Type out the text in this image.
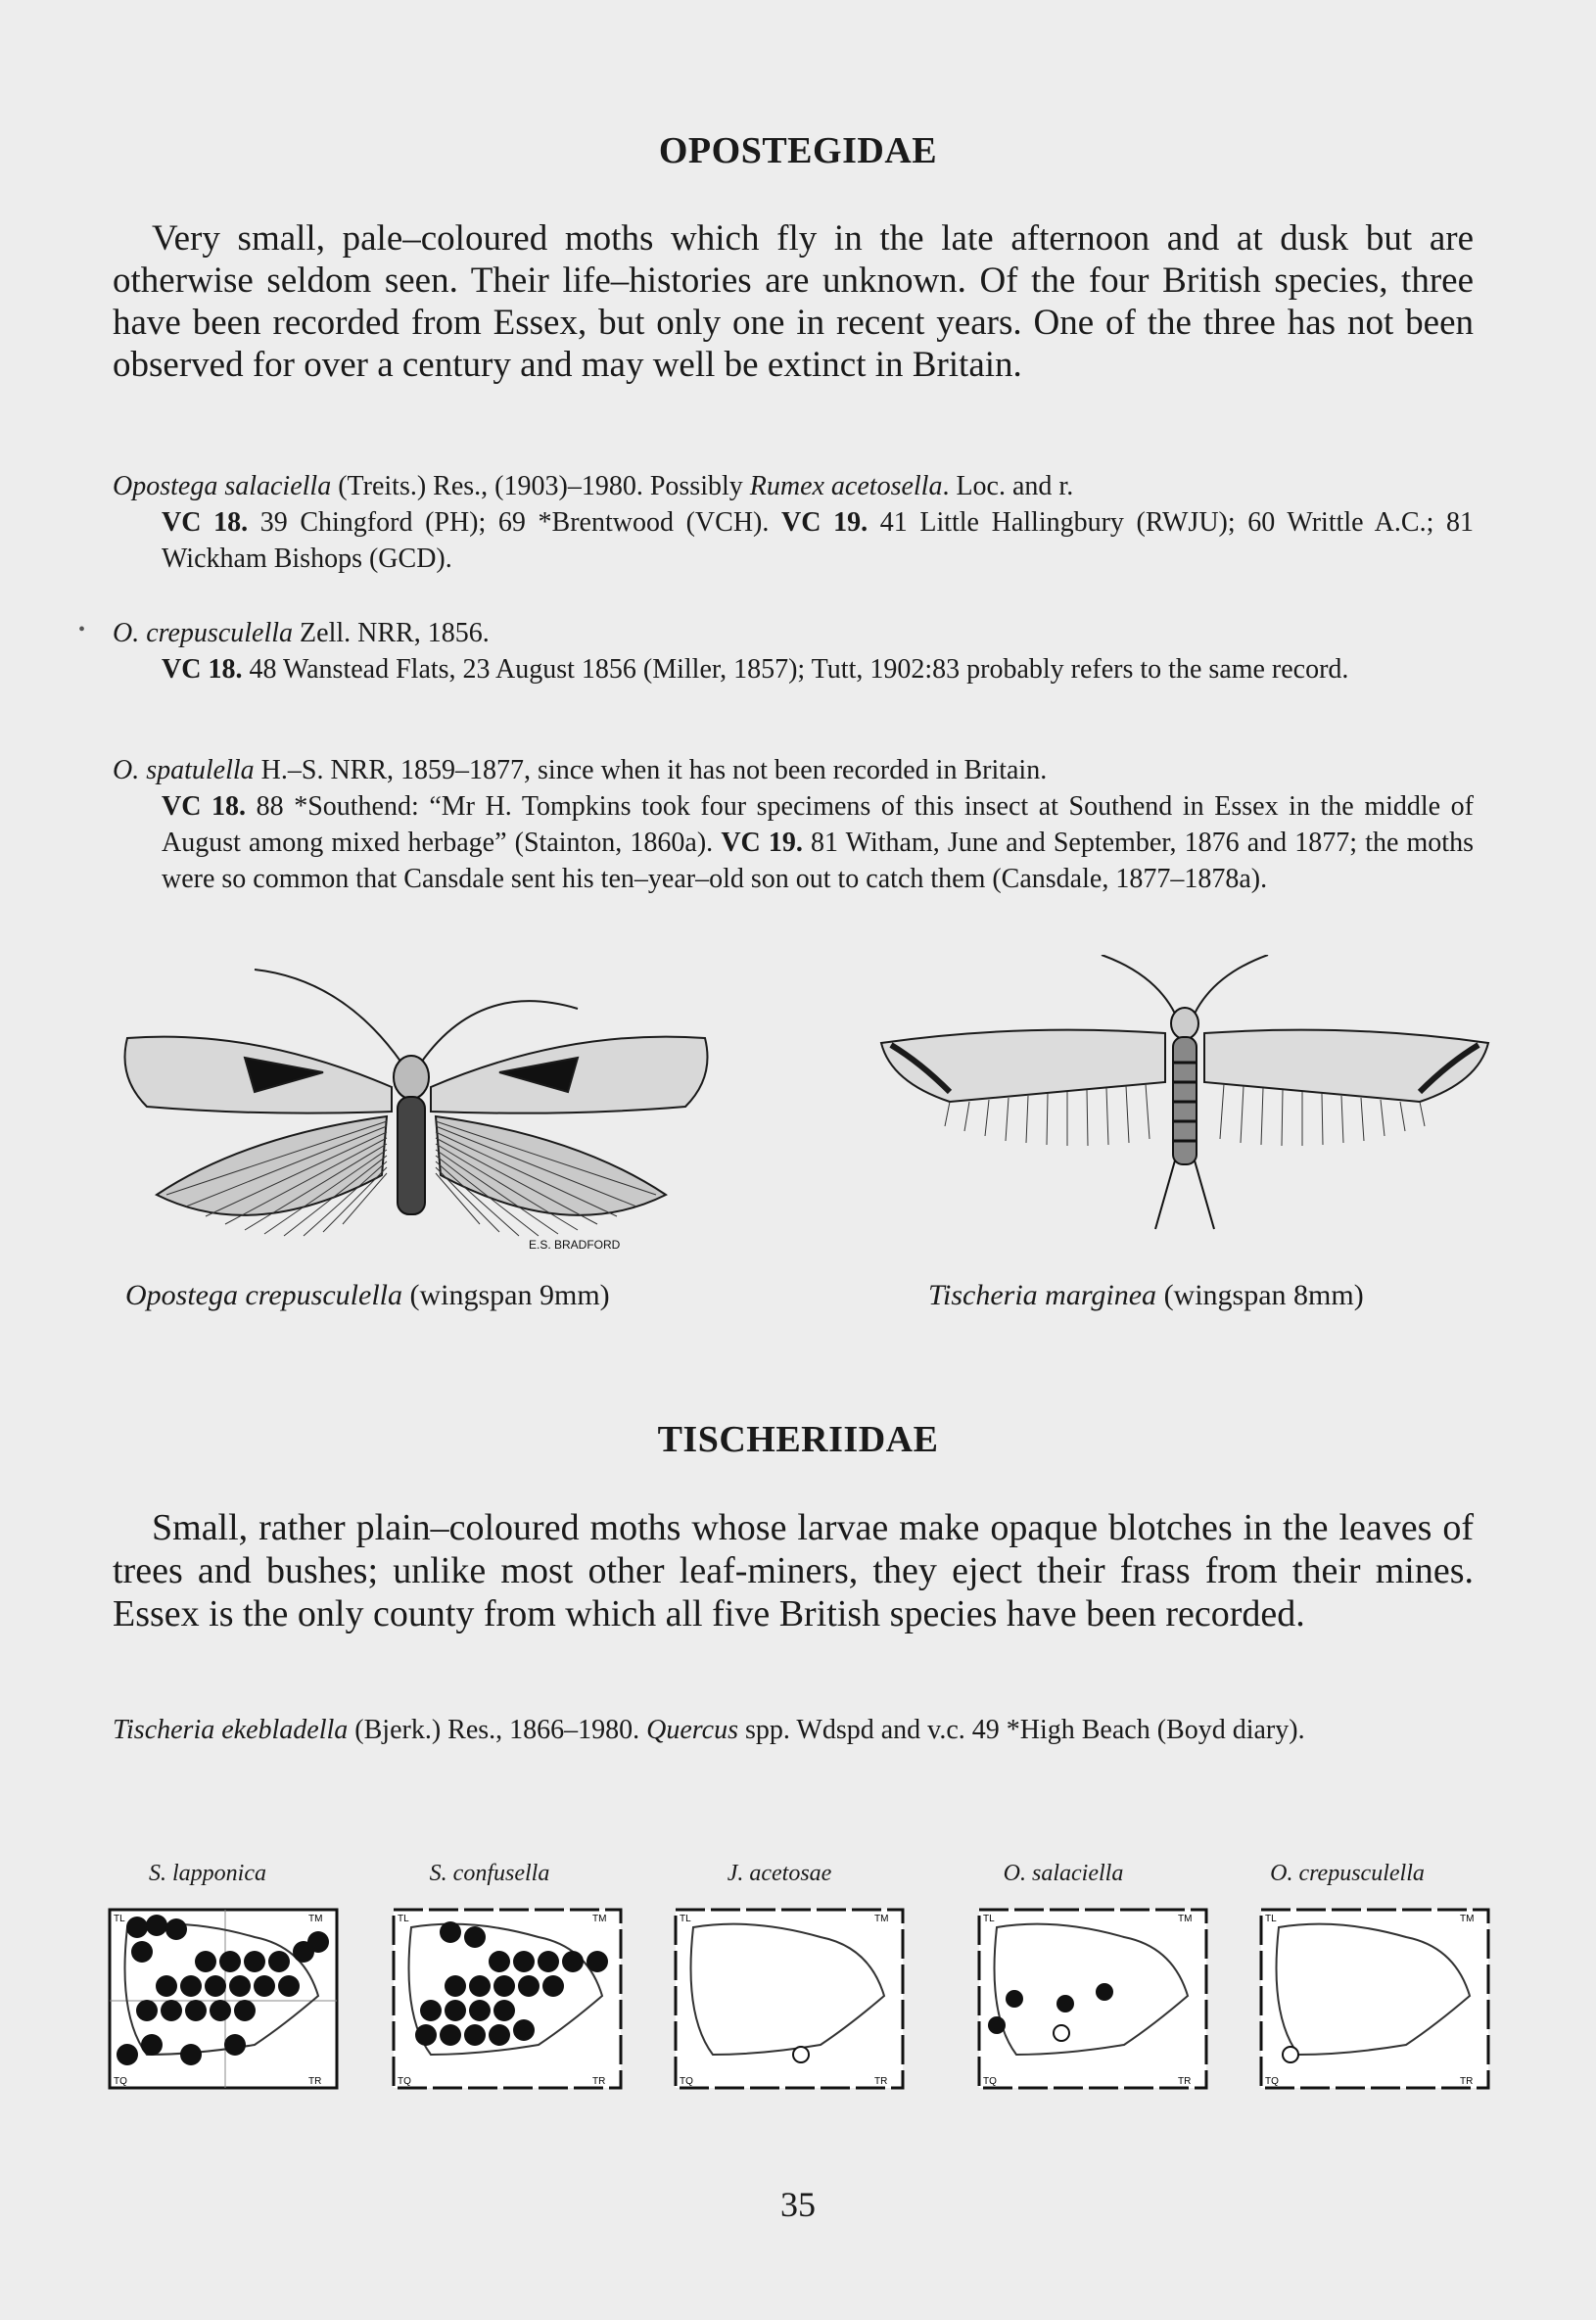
OPOSTEGIDAE
Very small, pale–coloured moths which fly in the late afternoon and at dusk but are otherwise seldom seen. Their life–histories are unknown. Of the four British species, three have been recorded from Essex, but only one in recent years. One of the three has not been observed for over a century and may well be extinct in Britain.
Opostega salaciella (Treits.) Res., (1903)–1980. Possibly Rumex acetosella. Loc. and r.
VC 18. 39 Chingford (PH); 69 *Brentwood (VCH). VC 19. 41 Little Hallingbury (RWJU); 60 Writtle A.C.; 81 Wickham Bishops (GCD).
• O. crepusculella Zell. NRR, 1856.
VC 18. 48 Wanstead Flats, 23 August 1856 (Miller, 1857); Tutt, 1902:83 probably refers to the same record.
O. spatulella H.–S. NRR, 1859–1877, since when it has not been recorded in Britain.
VC 18. 88 *Southend: “Mr H. Tompkins took four specimens of this insect at Southend in Essex in the middle of August among mixed herbage” (Stainton, 1860a). VC 19. 81 Witham, June and September, 1876 and 1877; the moths were so common that Cansdale sent his ten–year–old son out to catch them (Cansdale, 1877–1878a).
E.S. BRADFORD
Opostega crepusculella (wingspan 9mm)	Tischeria marginea (wingspan 8mm)
TISCHERIIDAE
Small, rather plain–coloured moths whose larvae make opaque blotches in the leaves of trees and bushes; unlike most other leaf-miners, they eject their frass from their mines. Essex is the only county from which all five British species have been recorded.
Tischeria ekebladella (Bjerk.) Res., 1866–1980. Quercus spp. Wdspd and v.c. 49 *High Beach (Boyd diary).
S. lapponica	S. confusella	J. acetosae	O. salaciella	O. crepusculella
TL	TM
TQ	TR
TL	TM
TQ	TR
TL	TM
TQ	TR
TL	TM
TQ	TR
TL	TM
TQ	TR
35
